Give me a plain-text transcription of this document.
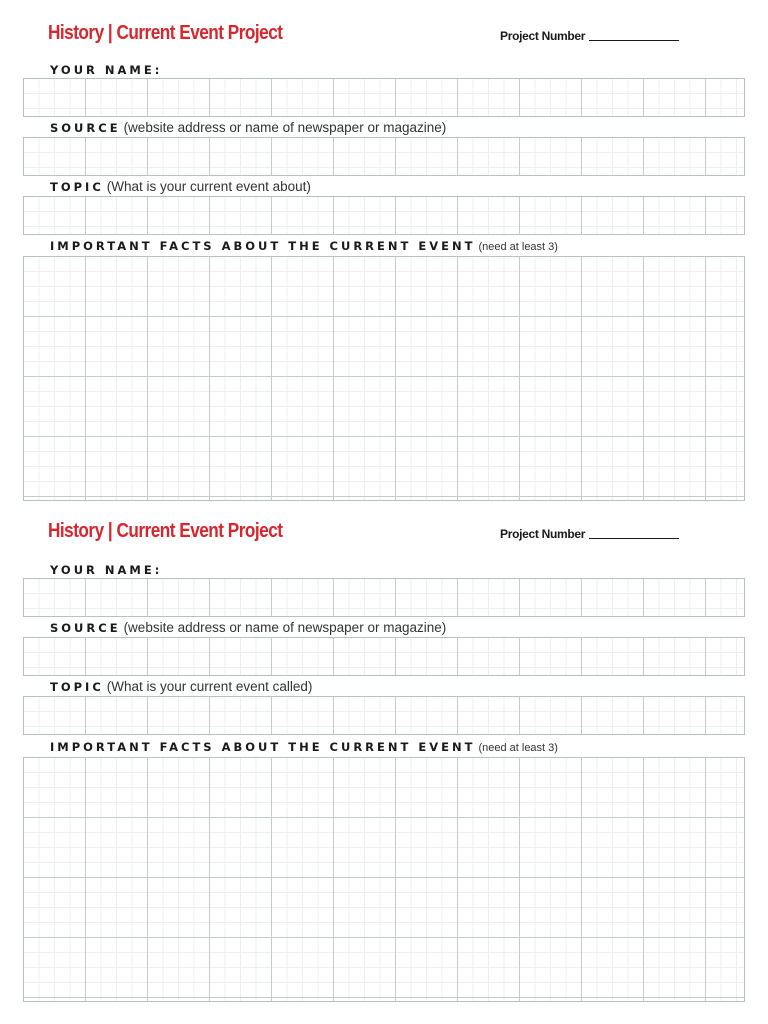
History | Current Event Project	Project Number
YOUR NAME:
SOURCE (website address or name of newspaper or magazine)
TOPIC (What is your current event about)
IMPORTANT FACTS ABOUT THE CURRENT EVENT (need at least 3)
History | Current Event Project	Project Number
YOUR NAME:
SOURCE (website address or name of newspaper or magazine)
TOPIC (What is your current event called)
IMPORTANT FACTS ABOUT THE CURRENT EVENT (need at least 3)
